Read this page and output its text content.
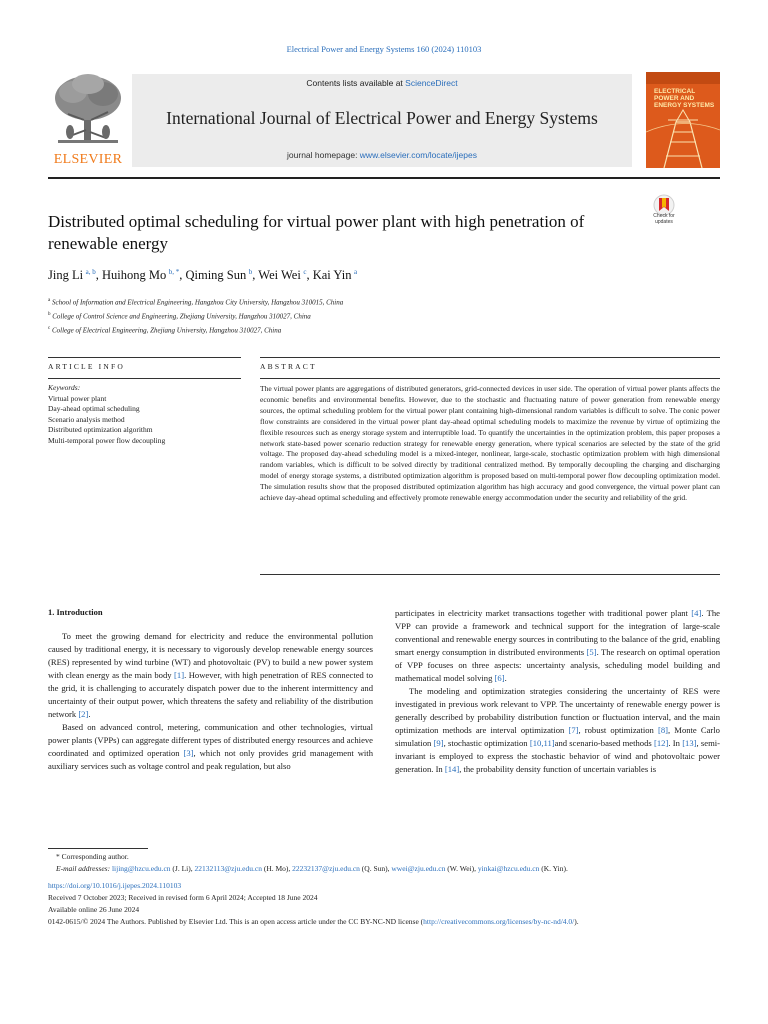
Electrical Power and Energy Systems 160 (2024) 110103
ELSEVIER
Contents lists available at ScienceDirect
International Journal of Electrical Power and Energy Systems
journal homepage: www.elsevier.com/locate/ijepes
ELECTRICAL POWER AND ENERGY SYSTEMS
Distributed optimal scheduling for virtual power plant with high penetration of renewable energy
Check for updates
Jing Li  $^{a, b}$, Huihong Mo  $^{b, *}$, Qiming Sun  $^b$, Wei Wei  $^c$, Kai Yin  $^a$
$^a$ School of Information and Electrical Engineering, Hangzhou City University, Hangzhou 310015, China
$^b$ College of Control Science and Engineering, Zhejiang University, Hangzhou 310027, China
$^c$ College of Electrical Engineering, Zhejiang University, Hangzhou 310027, China
ARTICLE INFO	ABSTRACT
Keywords:
Virtual power plant
Day-ahead optimal scheduling
Scenario analysis method
Distributed optimization algorithm
Multi-temporal power flow decoupling
The virtual power plants are aggregations of distributed generators, grid-connected devices in user side. The operation of virtual power plants affects the economic benefits and environmental benefits. However, due to the stochastic and fluctuating nature of power generation from renewable energy sources, the optimal scheduling problem for the virtual power plant containing high-dimensional random variables is difficult to solve. The conic power flow constraints are considered in the virtual power plant day-ahead optimal scheduling models to maximize the revenue by virtue of optimizing the flexible resources such as energy storage system and interruptible load. To quantify the uncertainties in the optimization problem, this paper proposes a network state-based power scenario reduction strategy for renewable energy generation, where typical scenarios are selected by the state of the grid voltage. The proposed day-ahead scheduling model is a mixed-integer, nonlinear, large-scale, stochastic optimization problem with high dimensional random variables, which is difficult to be solved directly by traditional centralized method. By temporally decoupling the charging and discharging model of energy storage systems, a distributed optimization algorithm is proposed based on multi-temporal power flow decoupling optimization model. The simulation results show that the proposed distributed optimization algorithm has high accuracy and good convergence, the virtual power plant can achieve day-ahead optimal scheduling and effectively promote renewable energy accommodation under the security and reliability of the grid.
1. Introduction

To meet the growing demand for electricity and reduce the environmental pollution caused by traditional energy, it is necessary to vigorously develop renewable energy sources (RES) represented by wind turbine (WT) and photovoltaic (PV) to build a new power system with clean energy as the main body [1]. However, with high penetration of RES connected to the grid, it is challenging to accurately dispatch power due to the inherent intermittency and uncertainty of their output power, which threatens the safety and reliability of the distribution network [2].

Based on advanced control, metering, communication and other technologies, virtual power plants (VPPs) can aggregate different types of distributed energy resources and achieve coordinated and optimized operation [3], which not only provides grid management with auxiliary services such as voltage control and peak regulation, but also

participates in electricity market transactions together with traditional power plant [4]. The VPP can provide a framework and technical support for the integration of large-scale conventional and renewable energy sources in contributing to the balance of the grid, enabling smart energy consumption in distributed environments [5]. The research on optimal operation of VPP focuses on three aspects: uncertainty analysis, scheduling model building and mathematical model solving [6].

The modeling and optimization strategies considering the uncertainty of RES were investigated in previous work relevant to VPP. The uncertainty of renewable energy power is generally described by probability distribution function or fluctuation interval, and the main optimization methods are interval optimization [7], robust optimization [8], Monte Carlo simulation [9], stochastic optimization [10,11]and scenario-based methods [12]. In [13], semi-invariant is employed to express the stochastic behavior of wind and photovoltaic power generation. In [14], the probability density function of uncertain variables is

* Corresponding author.

E-mail addresses: lijing@hzcu.edu.cn (J. Li), 22132113@zju.edu.cn (H. Mo), 22232137@zju.edu.cn (Q. Sun), wwei@zju.edu.cn (W. Wei), yinkai@hzcu.edu.cn (K. Yin).

https://doi.org/10.1016/j.ijepes.2024.110103

Received 7 October 2023; Received in revised form 6 April 2024; Accepted 18 June 2024

Available online 26 June 2024

0142-0615/© 2024 The Authors. Published by Elsevier Ltd. This is an open access article under the CC BY-NC-ND license (http://creativecommons.org/licenses/by-nc-nd/4.0/).
